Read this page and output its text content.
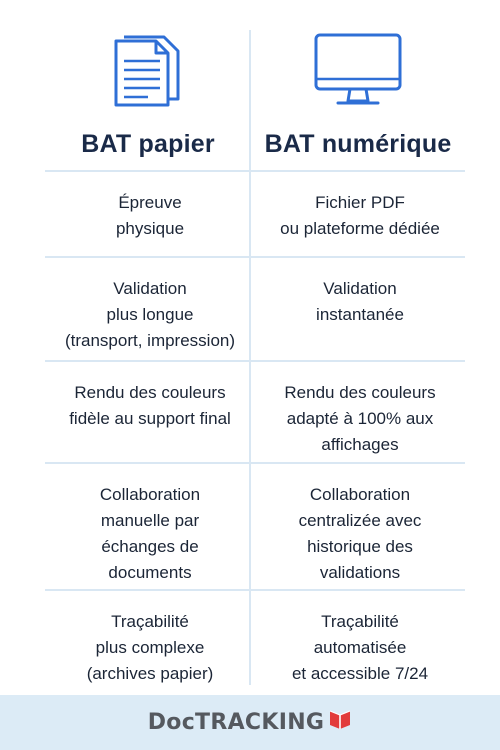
BAT papier BAT numérique
Épreuve
physique
Fichier PDF
ou plateforme dédiée
Validation
plus longue
(transport, impression)
Validation
instantanée
Rendu des couleurs
fidèle au support final
Rendu des couleurs
adapté à 100% aux
affichages
Collaboration
manuelle par
échanges de
documents
Collaboration
centralizée avec
historique des
validations
Traçabilité
plus complexe
(archives papier)
Traçabilité
automatisée
et accessible 7/24
DocTRACKING
